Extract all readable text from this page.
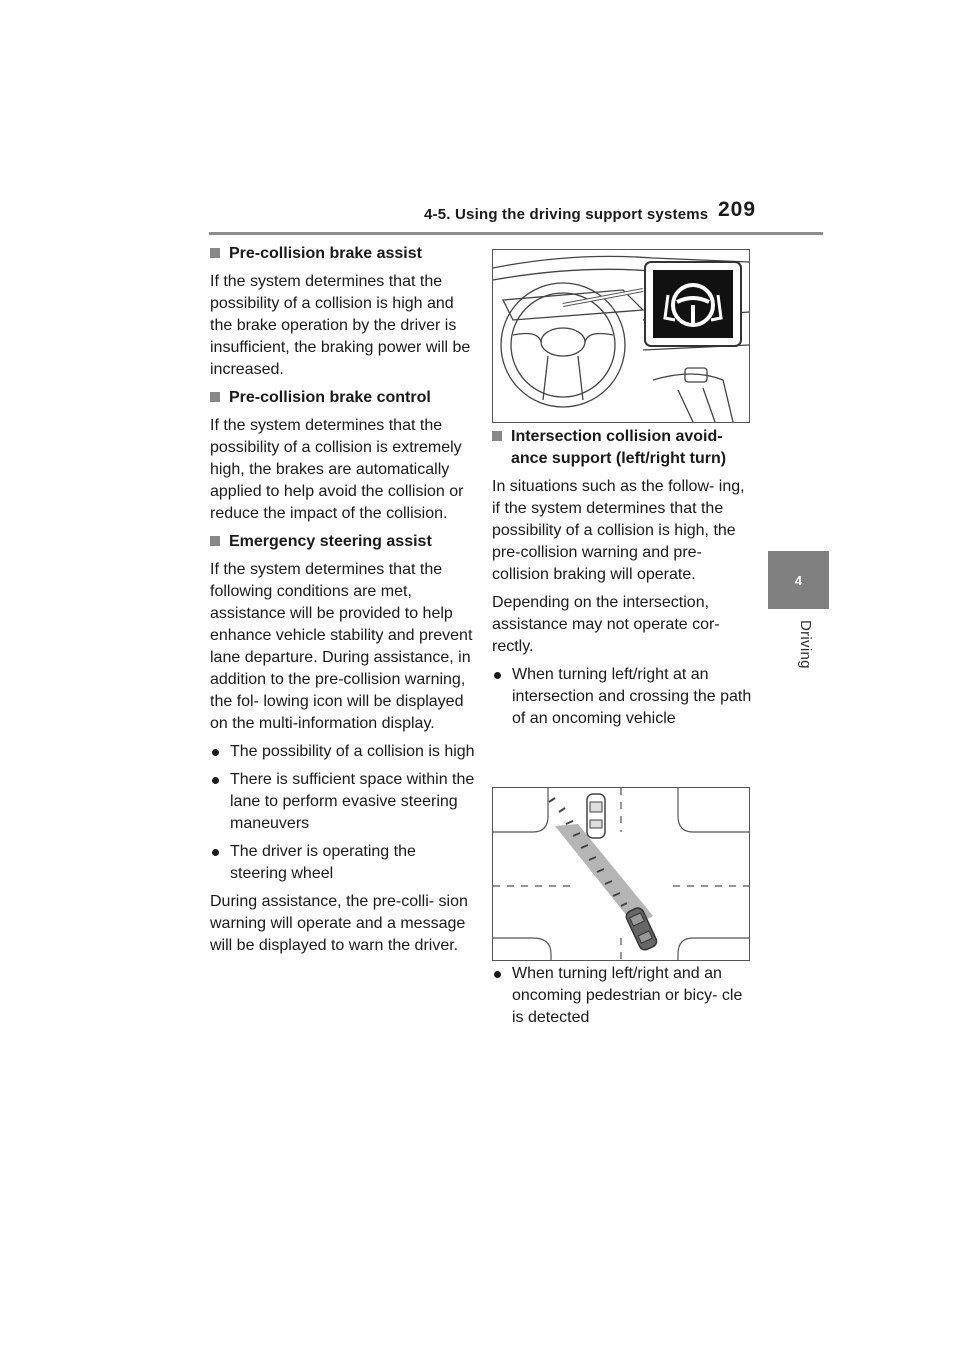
4-5. Using the driving support systems 209
4
Driving
Pre-collision brake assist

If the system determines that the possibility of a collision is high and the brake operation by the driver is insufficient, the braking power will be increased.

Pre-collision brake control

If the system determines that the possibility of a collision is extremely high, the brakes are automatically applied to help avoid the collision or reduce the impact of the collision.

Emergency steering assist

If the system determines that the following conditions are met, assistance will be provided to help enhance vehicle stability and prevent lane departure. During assistance, in addition to the pre-collision warning, the fol- lowing icon will be displayed on the multi-information display.

The possibility of a collision is high
There is sufficient space within the lane to perform evasive steering maneuvers
The driver is operating the steering wheel

During assistance, the pre-colli- sion warning will operate and a message will be displayed to warn the driver.

Intersection collision avoid- ance support (left/right turn)

In situations such as the follow- ing, if the system determines that the possibility of a collision is high, the pre-collision warning and pre-collision braking will operate.

Depending on the intersection, assistance may not operate cor- rectly.

When turning left/right at an intersection and crossing the path of an oncoming vehicle
When turning left/right and an oncoming pedestrian or bicy- cle is detected
